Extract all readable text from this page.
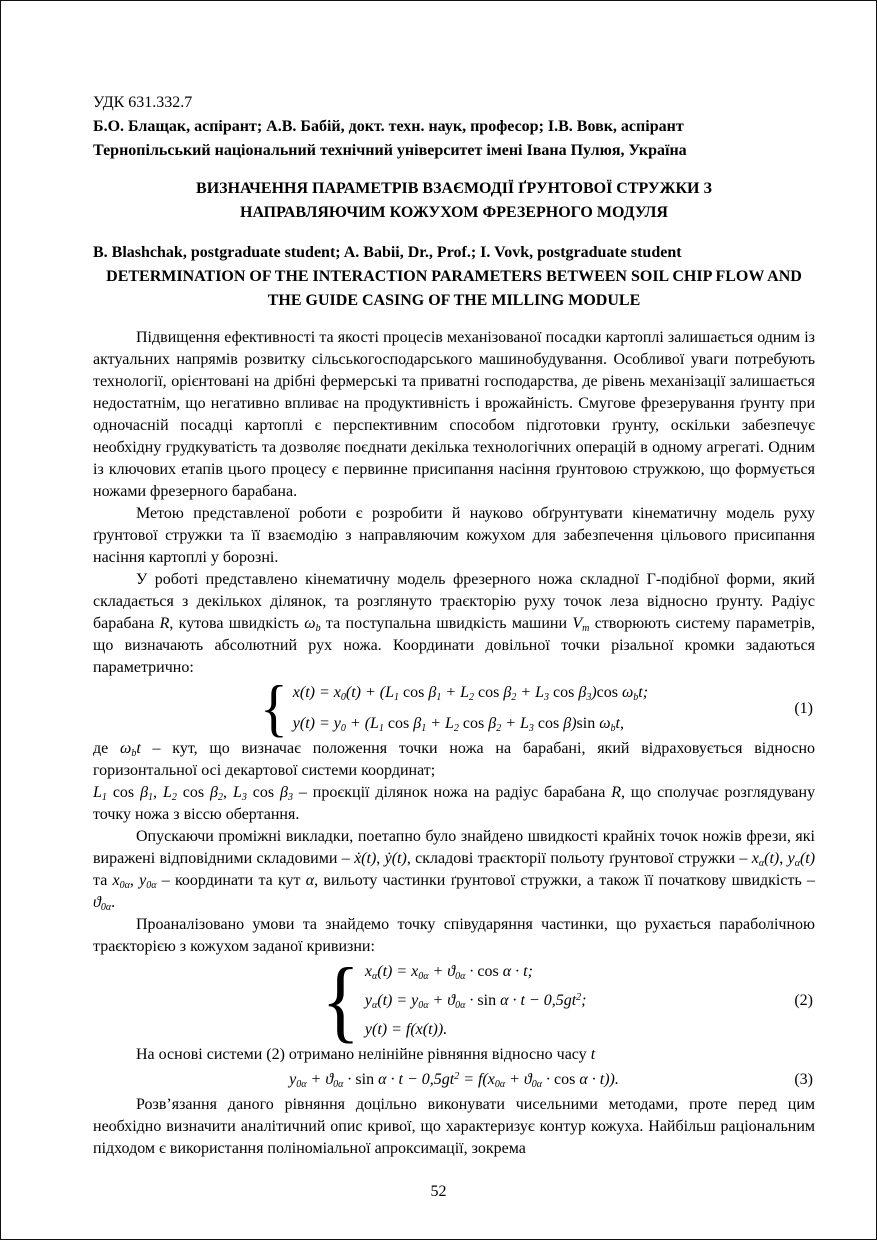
УДК 631.332.7

Б.О. Блащак, аспірант; А.В. Бабій, докт. техн. наук, професор; І.В. Вовк, аспірант

Тернопільський національний технічний університет імені Івана Пулюя, Україна

ВИЗНАЧЕННЯ ПАРАМЕТРІВ ВЗАЄМОДІЇ ҐРУНТОВОЇ СТРУЖКИ З НАПРАВЛЯЮЧИМ КОЖУХОМ ФРЕЗЕРНОГО МОДУЛЯ

B. Blashchak, postgraduate student; A. Babii, Dr., Prof.; I. Vovk, postgraduate student

DETERMINATION OF THE INTERACTION PARAMETERS BETWEEN SOIL CHIP FLOW AND THE GUIDE CASING OF THE MILLING MODULE

Підвищення ефективності та якості процесів механізованої посадки картоплі залишається одним із актуальних напрямів розвитку сільськогосподарського машинобудування. Особливої уваги потребують технології, орієнтовані на дрібні фермерські та приватні господарства, де рівень механізації залишається недостатнім, що негативно впливає на продуктивність і врожайність. Смугове фрезерування ґрунту при одночасній посадці картоплі є перспективним способом підготовки ґрунту, оскільки забезпечує необхідну грудкуватість та дозволяє поєднати декілька технологічних операцій в одному агрегаті. Одним із ключових етапів цього процесу є первинне присипання насіння ґрунтовою стружкою, що формується ножами фрезерного барабана.

Метою представленої роботи є розробити й науково обґрунтувати кінематичну модель руху ґрунтової стружки та її взаємодію з направляючим кожухом для забезпечення цільового присипання насіння картоплі у борозні.

У роботі представлено кінематичну модель фрезерного ножа складної Г-подібної форми, який складається з декількох ділянок, та розглянуто траєкторію руху точок леза відносно ґрунту. Радіус барабана R, кутова швидкість $\omega_b$ та поступальна швидкість машини $V_m$ створюють систему параметрів, що визначають абсолютний рух ножа. Координати довільної точки різальної кромки задаються параметрично:

{ $x(t) = x_0(t) + (L_1$ $\cos \beta_1 + L_2$ $\cos \beta_2 + L_3$ $\cos \beta_3)\cos$ $\omega_bt$;
$y(t) = y_0 + (L_1$ $\cos \beta_1 + L_2$ $\cos \beta_2 + L_3$ cos β)sin $\omega_bt$,
(1)

де $\omega_bt$ – кут, що визначає положення точки ножа на барабані, який відраховується відносно горизонтальної осі декартової системи координат;

$L_1$ $\cos \beta_1$, $L_2$ $\cos \beta_2$, $L_3$ $\cos \beta_3$ – проєкції ділянок ножа на радіус барабана R, що сполучає розглядувану точку ножа з віссю обертання.

Опускаючи проміжні викладки, поетапно було знайдено швидкості крайніх точок ножів фрези, які виражені відповідними складовими – ẋ(t), ẏ(t), складові траєкторії польоту ґрунтової стружки – $x_\alpha(t)$, $y_\alpha(t)$ та $x_{0\alpha}$, $y_{0\alpha}$ – координати та кут α, вильоту частинки ґрунтової стружки, а також її початкову швидкість – $ϑ_{0\alpha}$.

Проаналізовано умови та знайдемо точку співударяння частинки, що рухається параболічною траєкторією з кожухом заданої кривизни:

{ $x_\alpha(t) = x_{0\alpha} + ϑ_{0\alpha} \cdot \cos \alpha \cdot t$;
$y_\alpha(t) = y_{0\alpha} + ϑ_{0\alpha} \cdot \sin \alpha \cdot t - 0,5gt^2$;
y(t) = f(x(t)).
(2)

На основі системи (2) отримано нелінійне рівняння відносно часу t

$y_{0\alpha} + ϑ_{0\alpha} \cdot \sin \alpha \cdot t - 0,5gt^2 = f(x_{0\alpha} + ϑ_{0\alpha} \cdot \cos \alpha \cdot t)$).	(3)

Розв’язання даного рівняння доцільно виконувати чисельними методами, проте перед цим необхідно визначити аналітичний опис кривої, що характеризує контур кожуха. Найбільш раціональним підходом є використання поліноміальної апроксимації, зокрема

52
